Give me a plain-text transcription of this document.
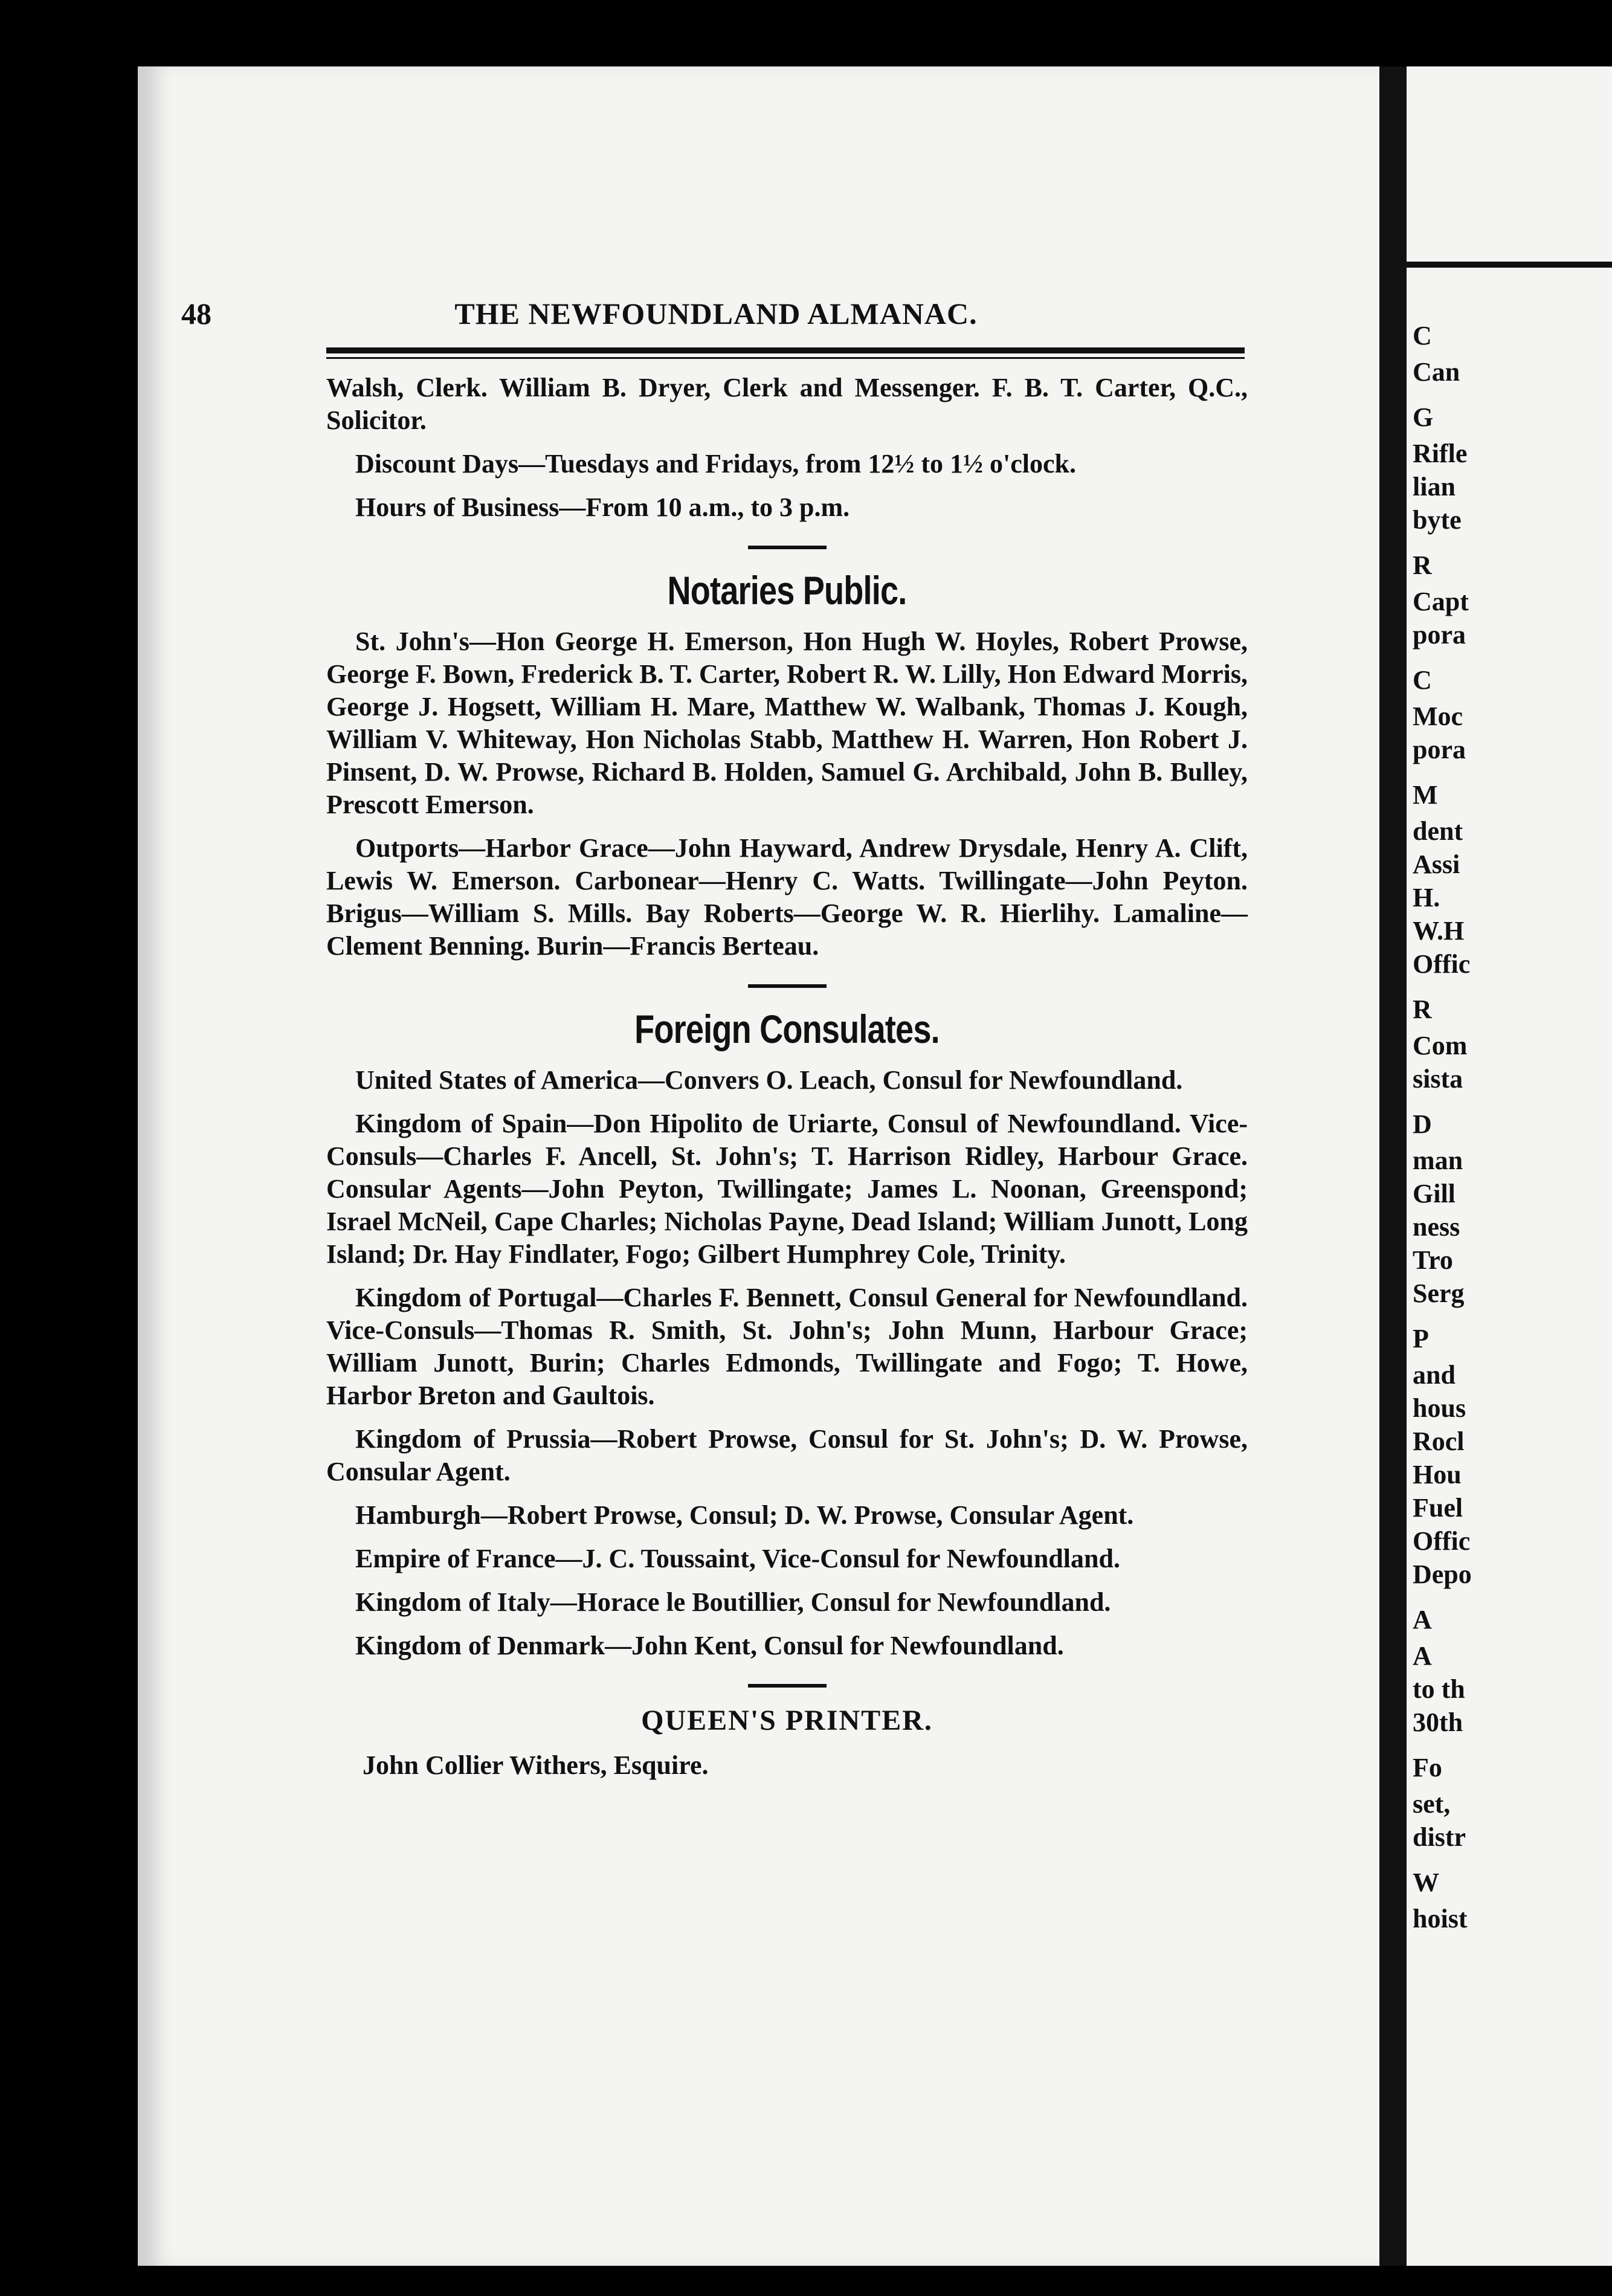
48	THE NEWFOUNDLAND ALMANAC.

Walsh, Clerk. William B. Dryer, Clerk and Messenger. F. B. T. Carter, Q.C., Solicitor.

Discount Days—Tuesdays and Fridays, from 12½ to 1½ o'clock.

Hours of Business—From 10 a.m., to 3 p.m.

Notaries Public.

St. John's—Hon George H. Emerson, Hon Hugh W. Hoyles, Robert Prowse, George F. Bown, Frederick B. T. Carter, Robert R. W. Lilly, Hon Edward Morris, George J. Hogsett, William H. Mare, Matthew W. Walbank, Thomas J. Kough, William V. Whiteway, Hon Nicholas Stabb, Matthew H. Warren, Hon Robert J. Pinsent, D. W. Prowse, Richard B. Holden, Samuel G. Archibald, John B. Bulley, Prescott Emerson.

Outports—Harbor Grace—John Hayward, Andrew Drysdale, Henry A. Clift, Lewis W. Emerson. Carbonear—Henry C. Watts. Twillingate—John Peyton. Brigus—William S. Mills. Bay Roberts—George W. R. Hierlihy. Lamaline—Clement Benning. Burin—Francis Berteau.

Foreign Consulates.

United States of America—Convers O. Leach, Consul for Newfoundland.

Kingdom of Spain—Don Hipolito de Uriarte, Consul of Newfoundland. Vice-Consuls—Charles F. Ancell, St. John's; T. Harrison Ridley, Harbour Grace. Consular Agents—John Peyton, Twillingate; James L. Noonan, Greenspond; Israel McNeil, Cape Charles; Nicholas Payne, Dead Island; William Junott, Long Island; Dr. Hay Findlater, Fogo; Gilbert Humphrey Cole, Trinity.

Kingdom of Portugal—Charles F. Bennett, Consul General for Newfoundland. Vice-Consuls—Thomas R. Smith, St. John's; John Munn, Harbour Grace; William Junott, Burin; Charles Edmonds, Twillingate and Fogo; T. Howe, Harbor Breton and Gaultois.

Kingdom of Prussia—Robert Prowse, Consul for St. John's; D. W. Prowse, Consular Agent.

Hamburgh—Robert Prowse, Consul; D. W. Prowse, Consular Agent.

Empire of France—J. C. Toussaint, Vice-Consul for Newfoundland.

Kingdom of Italy—Horace le Boutillier, Consul for Newfoundland.

Kingdom of Denmark—John Kent, Consul for Newfoundland.

QUEEN'S PRINTER.

John Collier Withers, Esquire.

C
Can
G
Rifle
lian
byte
R
Capt
pora
C
Moc
pora
M
dent
Assi
H.
W.H
Offic
R
Com
sista
D
man
Gill
ness
Tro
Serg
P
and
hous
Rocl
Hou
Fuel
Offic
Depo
A
A
to th
30th
Fo
set,
distr
W
hoist
